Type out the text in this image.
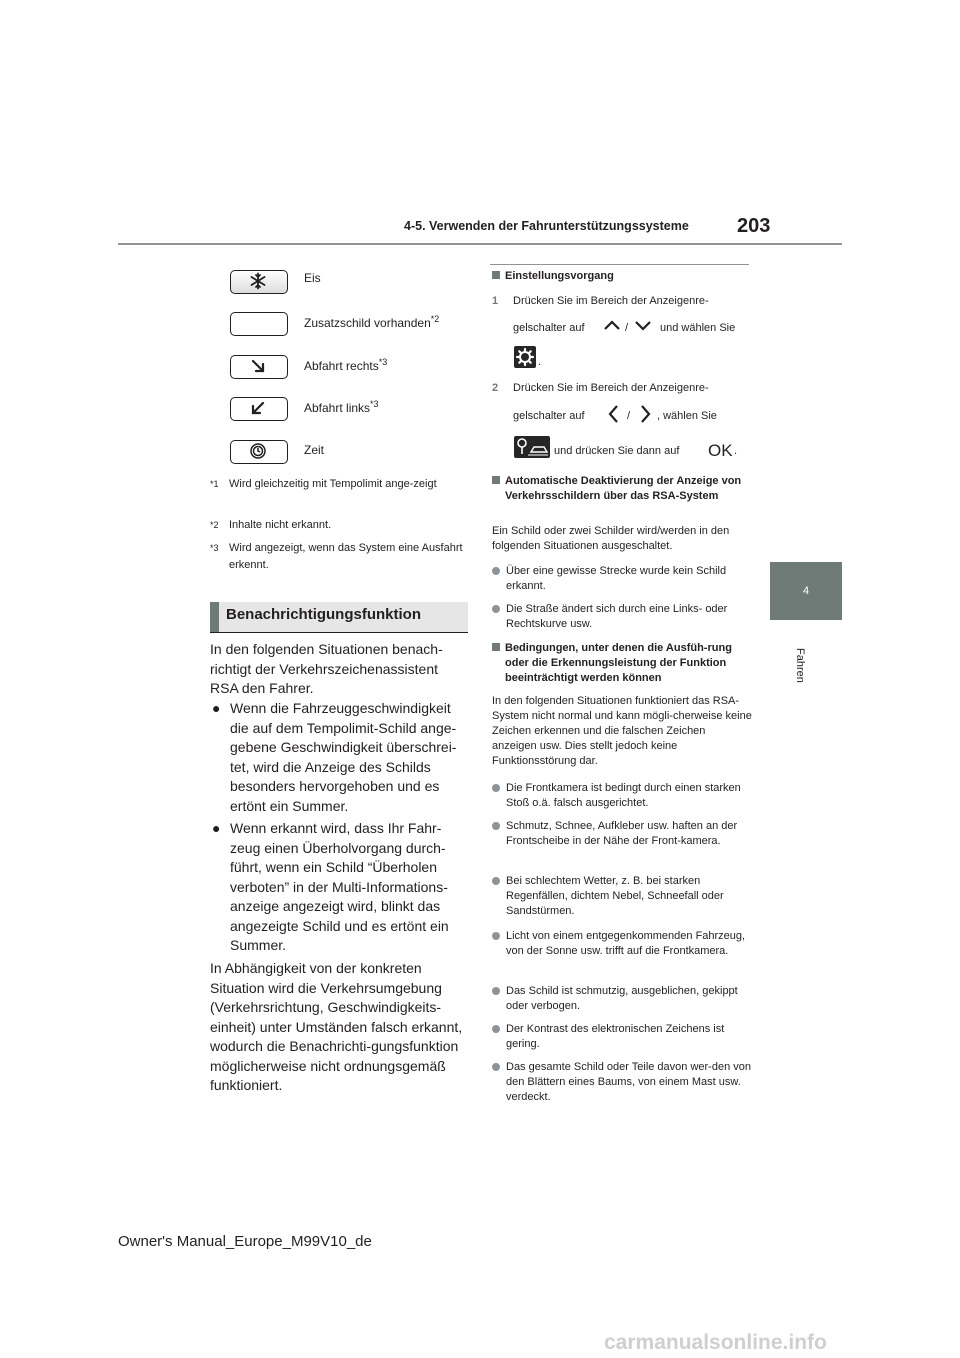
4-5. Verwenden der Fahrunterstützungssysteme 203
4
Fahren
Eis
Zusatzschild vorhanden$^{*2}$
Abfahrt rechts$^{*3}$
Abfahrt links$^{*3}$
Zeit
*1 Wird gleichzeitig mit Tempolimit ange-zeigt
*2 Inhalte nicht erkannt.
*3 Wird angezeigt, wenn das System eine Ausfahrt erkennt.
Benachrichtigungsfunktion
In den folgenden Situationen benach-richtigt der Verkehrszeichenassistent RSA den Fahrer.
● Wenn die Fahrzeuggeschwindigkeit die auf dem Tempolimit-Schild ange-gebene Geschwindigkeit überschrei-tet, wird die Anzeige des Schilds besonders hervorgehoben und es ertönt ein Summer.
● Wenn erkannt wird, dass Ihr Fahr-zeug einen Überholvorgang durch-führt, wenn ein Schild “Überholen verboten” in der Multi-Informations-anzeige angezeigt wird, blinkt das angezeigte Schild und es ertönt ein Summer.
In Abhängigkeit von der konkreten Situation wird die Verkehrsumgebung (Verkehrsrichtung, Geschwindigkeits-einheit) unter Umständen falsch erkannt, wodurch die Benachrichti-gungsfunktion möglicherweise nicht ordnungsgemäß funktioniert.
Einstellungsvorgang
1 Drücken Sie im Bereich der Anzeigenre-
gelschalter auf	/	und wählen Sie
.
2 Drücken Sie im Bereich der Anzeigenre-
gelschalter auf	/ , wählen Sie
und drücken Sie dann auf OK .
Automatische Deaktivierung der Anzeige von Verkehrsschildern über das RSA-System
Ein Schild oder zwei Schilder wird/werden in den folgenden Situationen ausgeschaltet.
Über eine gewisse Strecke wurde kein Schild erkannt.
Die Straße ändert sich durch eine Links- oder Rechtskurve usw.
Bedingungen, unter denen die Ausfüh-rung oder die Erkennungsleistung der Funktion beeinträchtigt werden können
In den folgenden Situationen funktioniert das RSA-System nicht normal und kann mögli-cherweise keine Zeichen erkennen und die falschen Zeichen anzeigen usw. Dies stellt jedoch keine Funktionsstörung dar.
Die Frontkamera ist bedingt durch einen starken Stoß o.ä. falsch ausgerichtet.
Schmutz, Schnee, Aufkleber usw. haften an der Frontscheibe in der Nähe der Front-kamera.
Bei schlechtem Wetter, z. B. bei starken Regenfällen, dichtem Nebel, Schneefall oder Sandstürmen.
Licht von einem entgegenkommenden Fahrzeug, von der Sonne usw. trifft auf die Frontkamera.
Das Schild ist schmutzig, ausgeblichen, gekippt oder verbogen.
Der Kontrast des elektronischen Zeichens ist gering.
Das gesamte Schild oder Teile davon wer-den von den Blättern eines Baums, von einem Mast usw. verdeckt.
Owner's Manual_Europe_M99V10_de
carmanualsonline.info
